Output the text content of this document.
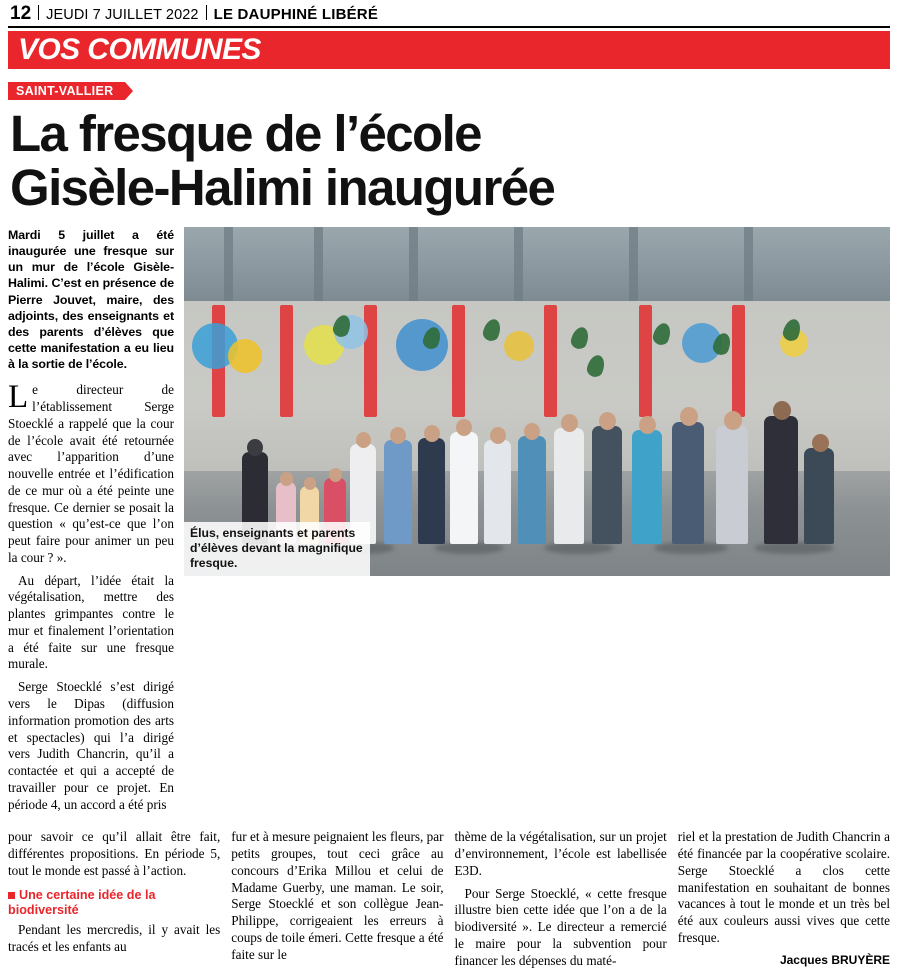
12 JEUDI 7 JUILLET 2022 LE DAUPHINÉ LIBÉRÉ
VOS COMMUNES
SAINT-VALLIER
La fresque de l’école
Gisèle-Halimi inaugurée

Mardi 5 juillet a été inaugurée une fresque sur un mur de l’école Gisèle-Halimi. C’est en présence de Pierre Jouvet, maire, des adjoints, des enseignants et des parents d’élèves que cette manifestation a eu lieu à la sortie de l’école.

Le directeur de l’établissement Serge Stoecklé a rappelé que la cour de l’école avait été retournée avec l’apparition d’une nouvelle entrée et l’édification de ce mur où a été peinte une fresque. Ce dernier se posait la question « qu’est-ce que l’on peut faire pour animer un peu la cour ? ».

Au départ, l’idée était la végétalisation, mettre des plantes grimpantes contre le mur et finalement l’orientation a été faite sur une fresque murale.

Serge Stoecklé s’est dirigé vers le Dipas (diffusion information promotion des arts et spectacles) qui l’a dirigé vers Judith Chancrin, qu’il a contactée et qui a accepté de travailler pour ce projet. En période 4, un accord a été pris

Élus, enseignants et parents d’élèves devant la magnifique fresque.

pour savoir ce qu’il allait être fait, différentes propositions. En période 5, tout le monde est passé à l’action.

Une certaine idée de la biodiversité

Pendant les mercredis, il y avait les tracés et les enfants au

fur et à mesure peignaient les fleurs, par petits groupes, tout ceci grâce au concours d’Erika Millou et celui de Madame Guerby, une maman. Le soir, Serge Stoecklé et son collègue Jean-Philippe, corrigeaient les erreurs à coups de toile émeri. Cette fresque a été faite sur le

thème de la végétalisation, sur un projet d’environnement, l’école est labellisée E3D.

Pour Serge Stoecklé, « cette fresque illustre bien cette idée que l’on a de la biodiversité ». Le directeur a remercié le maire pour la subvention pour financer les dépenses du maté-

riel et la prestation de Judith Chancrin a été financée par la coopérative scolaire. Serge Stoecklé a clos cette manifestation en souhaitant de bonnes vacances à tout le monde et un très bel été aux couleurs aussi vives que cette fresque.

Jacques BRUYÈRE
